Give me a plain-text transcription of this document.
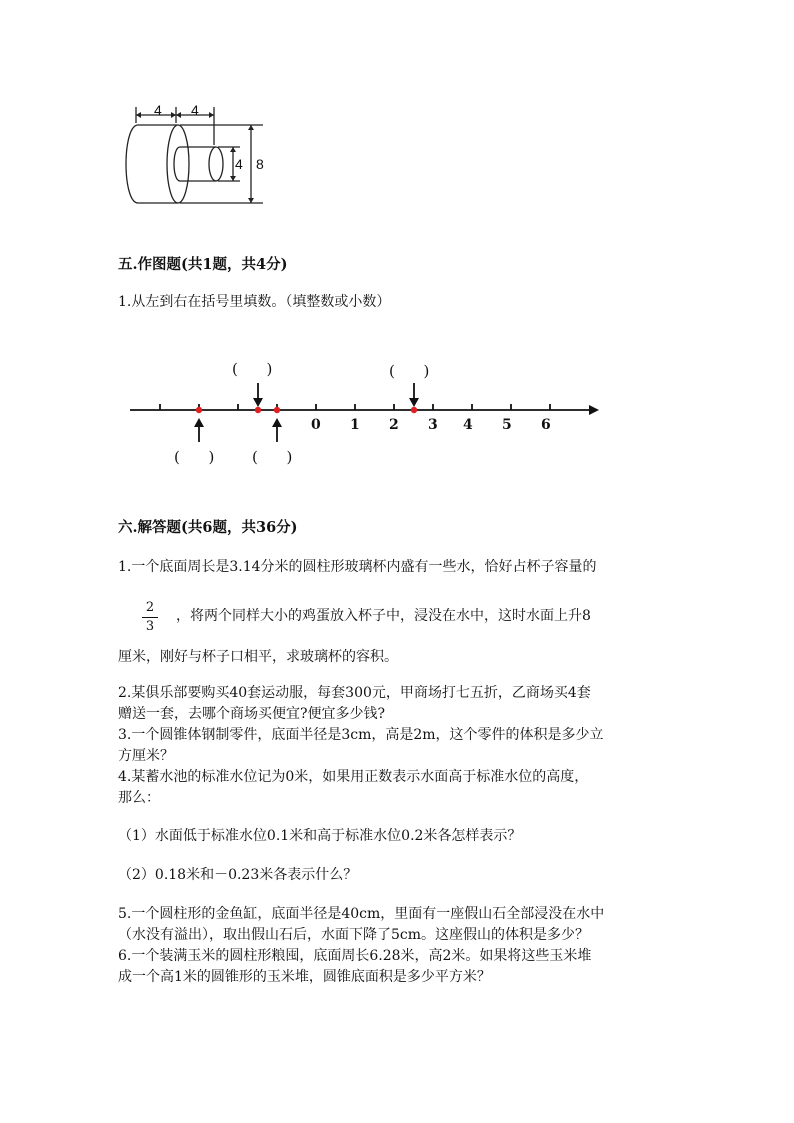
4 4
4 8
五.作图题(共1题，共4分)
1.从左到右在括号里填数。（填整数或小数）
0 1 2 3 4 5 6
(      )	(      )
(      )	(      )
六.解答题(共6题，共36分)
1.一个底面周长是3.14分米的圆柱形玻璃杯内盛有一些水，恰好占杯子容量的
2
3
，将两个同样大小的鸡蛋放入杯子中，浸没在水中，这时水面上升8
厘米，刚好与杯子口相平，求玻璃杯的容积。
2.某俱乐部要购买40套运动服，每套300元，甲商场打七五折，乙商场买4套
赠送一套，去哪个商场买便宜?便宜多少钱?
3.一个圆锥体钢制零件，底面半径是3cm，高是2m，这个零件的体积是多少立
方厘米？
4.某蓄水池的标准水位记为0米，如果用正数表示水面高于标准水位的高度，
那么：
（1）水面低于标准水位0.1米和高于标准水位0.2米各怎样表示？
（2）0.18米和－0.23米各表示什么？
5.一个圆柱形的金鱼缸，底面半径是40cm，里面有一座假山石全部浸没在水中
（水没有溢出），取出假山石后，水面下降了5cm。这座假山的体积是多少？
6.一个装满玉米的圆柱形粮囤，底面周长6.28米，高2米。如果将这些玉米堆
成一个高1米的圆锥形的玉米堆，圆锥底面积是多少平方米？
